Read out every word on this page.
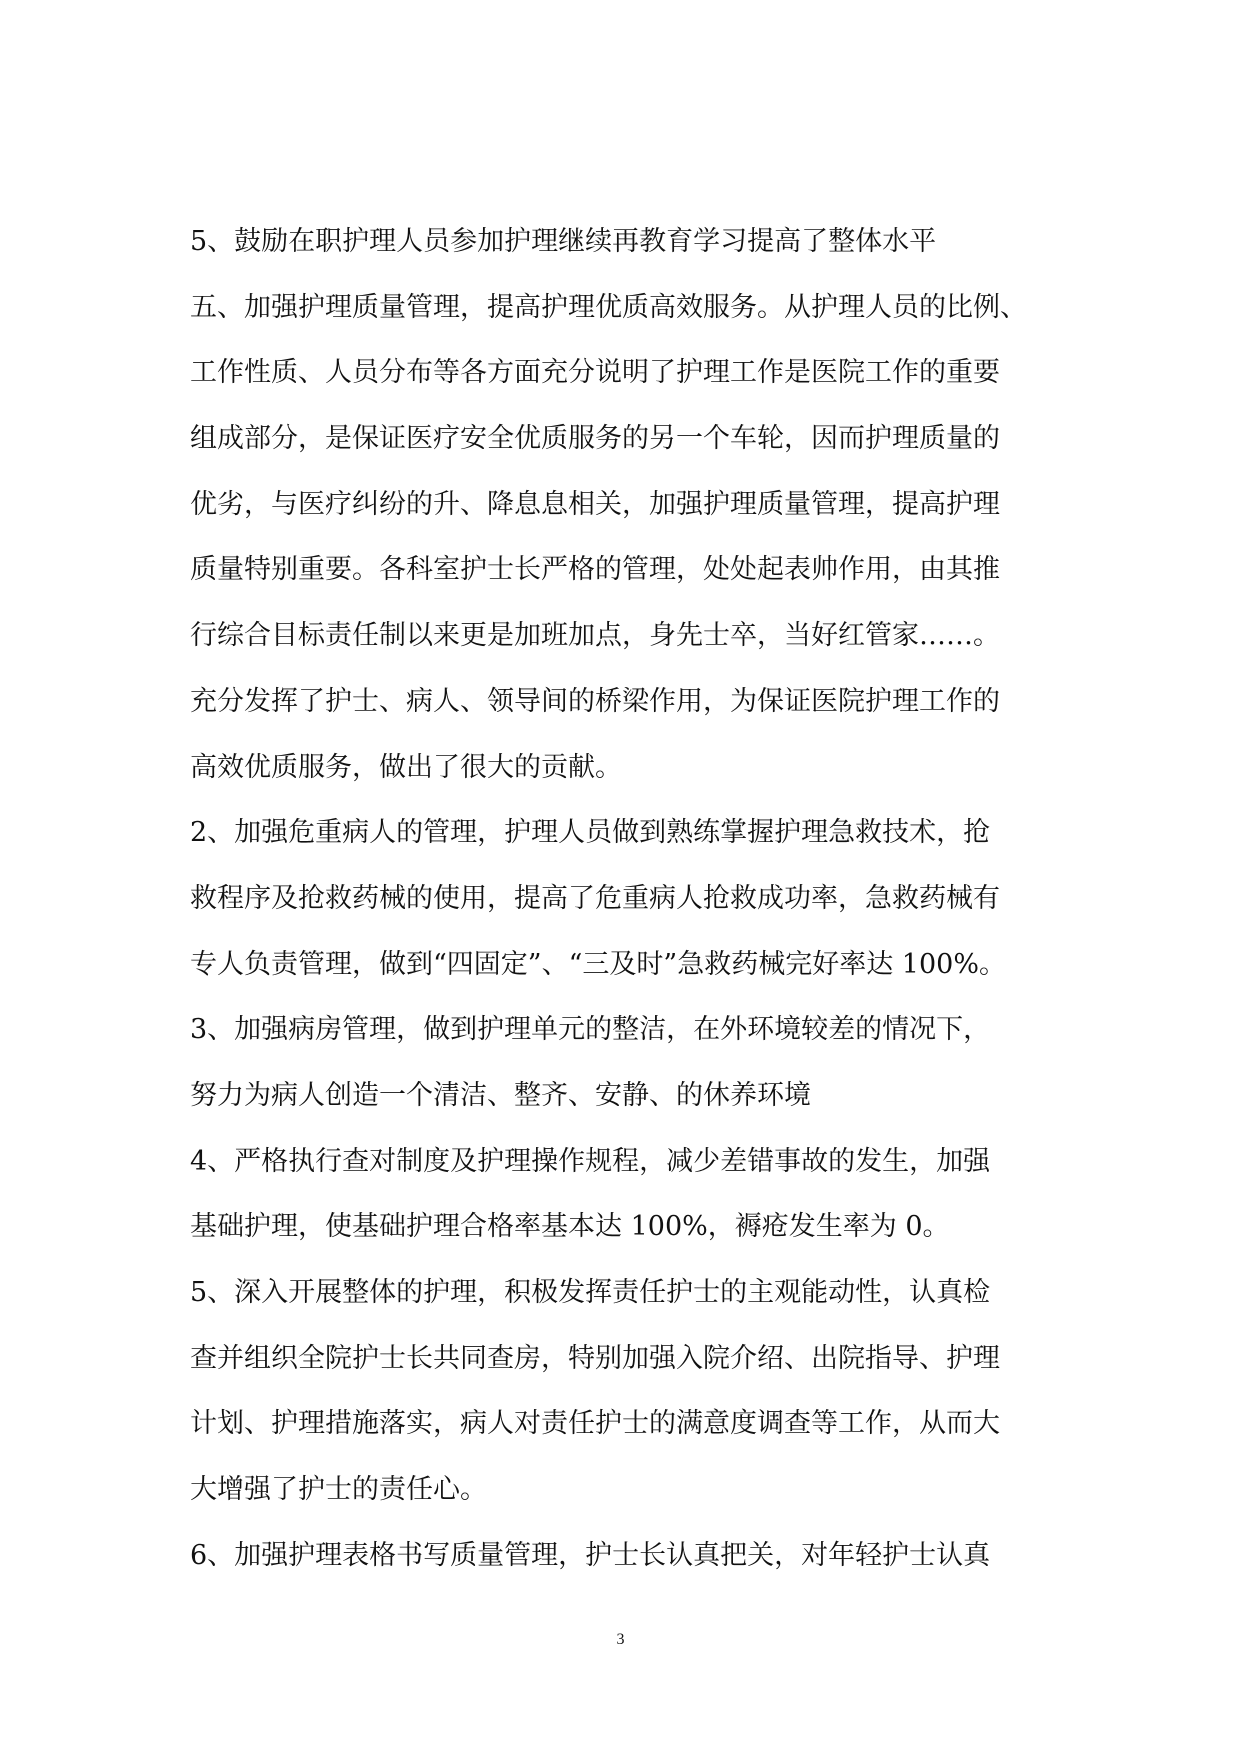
5、鼓励在职护理人员参加护理继续再教育学习提高了整体水平

五、加强护理质量管理，提高护理优质高效服务。从护理人员的比例、

工作性质、人员分布等各方面充分说明了护理工作是医院工作的重要

组成部分，是保证医疗安全优质服务的另一个车轮，因而护理质量的

优劣，与医疗纠纷的升、降息息相关，加强护理质量管理，提高护理

质量特别重要。各科室护士长严格的管理，处处起表帅作用，由其推

行综合目标责任制以来更是加班加点，身先士卒，当好红管家……。

充分发挥了护士、病人、领导间的桥梁作用，为保证医院护理工作的

高效优质服务，做出了很大的贡献。

2、加强危重病人的管理，护理人员做到熟练掌握护理急救技术，抢

救程序及抢救药械的使用，提高了危重病人抢救成功率，急救药械有

专人负责管理，做到“四固定”、“三及时”急救药械完好率达 100%。

3、加强病房管理，做到护理单元的整洁，在外环境较差的情况下，

努力为病人创造一个清洁、整齐、安静、的休养环境

4、严格执行查对制度及护理操作规程，减少差错事故的发生，加强

基础护理，使基础护理合格率基本达 100%，褥疮发生率为 0。

5、深入开展整体的护理，积极发挥责任护士的主观能动性，认真检

查并组织全院护士长共同查房，特别加强入院介绍、出院指导、护理

计划、护理措施落实，病人对责任护士的满意度调查等工作，从而大

大增强了护士的责任心。

6、加强护理表格书写质量管理，护士长认真把关，对年轻护士认真

3
